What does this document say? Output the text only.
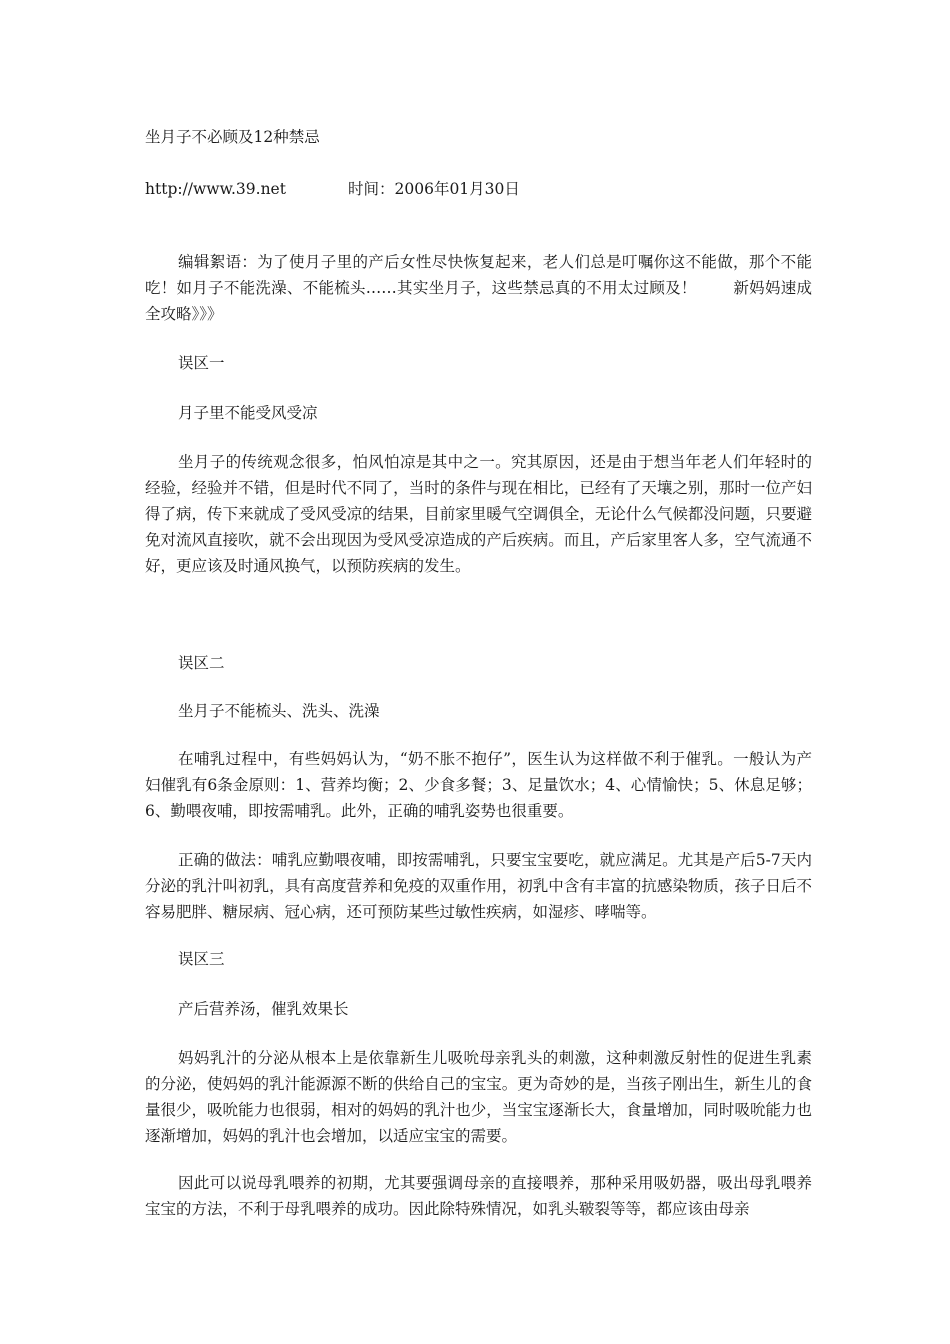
坐月子不必顾及12种禁忌
http://www.39.net	时间：2006年01月30日
编辑絮语：为了使月子里的产后女性尽快恢复起来，老人们总是叮嘱你这不能做，那个不能吃！如月子不能洗澡、不能梳头……其实坐月子，这些禁忌真的不用太过顾及！　　 新妈妈速成全攻略》》》
误区一
月子里不能受风受凉
坐月子的传统观念很多，怕风怕凉是其中之一。究其原因，还是由于想当年老人们年轻时的经验，经验并不错，但是时代不同了，当时的条件与现在相比，已经有了天壤之别，那时一位产妇得了病，传下来就成了受风受凉的结果，目前家里暖气空调俱全，无论什么气候都没问题，只要避免对流风直接吹，就不会出现因为受风受凉造成的产后疾病。而且，产后家里客人多，空气流通不好，更应该及时通风换气，以预防疾病的发生。
误区二
坐月子不能梳头、洗头、洗澡
在哺乳过程中，有些妈妈认为，“奶不胀不抱仔”，医生认为这样做不利于催乳。一般认为产妇催乳有6条金原则：1、营养均衡；2、少食多餐；3、足量饮水；4、心情愉快；5、休息足够；6、勤喂夜哺，即按需哺乳。此外，正确的哺乳姿势也很重要。
正确的做法：哺乳应勤喂夜哺，即按需哺乳，只要宝宝要吃，就应满足。尤其是产后5-7天内分泌的乳汁叫初乳，具有高度营养和免疫的双重作用，初乳中含有丰富的抗感染物质，孩子日后不容易肥胖、糖尿病、冠心病，还可预防某些过敏性疾病，如湿疹、哮喘等。
误区三
产后营养汤，催乳效果长
妈妈乳汁的分泌从根本上是依靠新生儿吸吮母亲乳头的刺激，这种刺激反射性的促进生乳素的分泌，使妈妈的乳汁能源源不断的供给自己的宝宝。更为奇妙的是，当孩子刚出生，新生儿的食量很少，吸吮能力也很弱，相对的妈妈的乳汁也少，当宝宝逐渐长大，食量增加，同时吸吮能力也逐渐增加，妈妈的乳汁也会增加，以适应宝宝的需要。
因此可以说母乳喂养的初期，尤其要强调母亲的直接喂养，那种采用吸奶器，吸出母乳喂养宝宝的方法，不利于母乳喂养的成功。因此除特殊情况，如乳头皲裂等等，都应该由母亲
